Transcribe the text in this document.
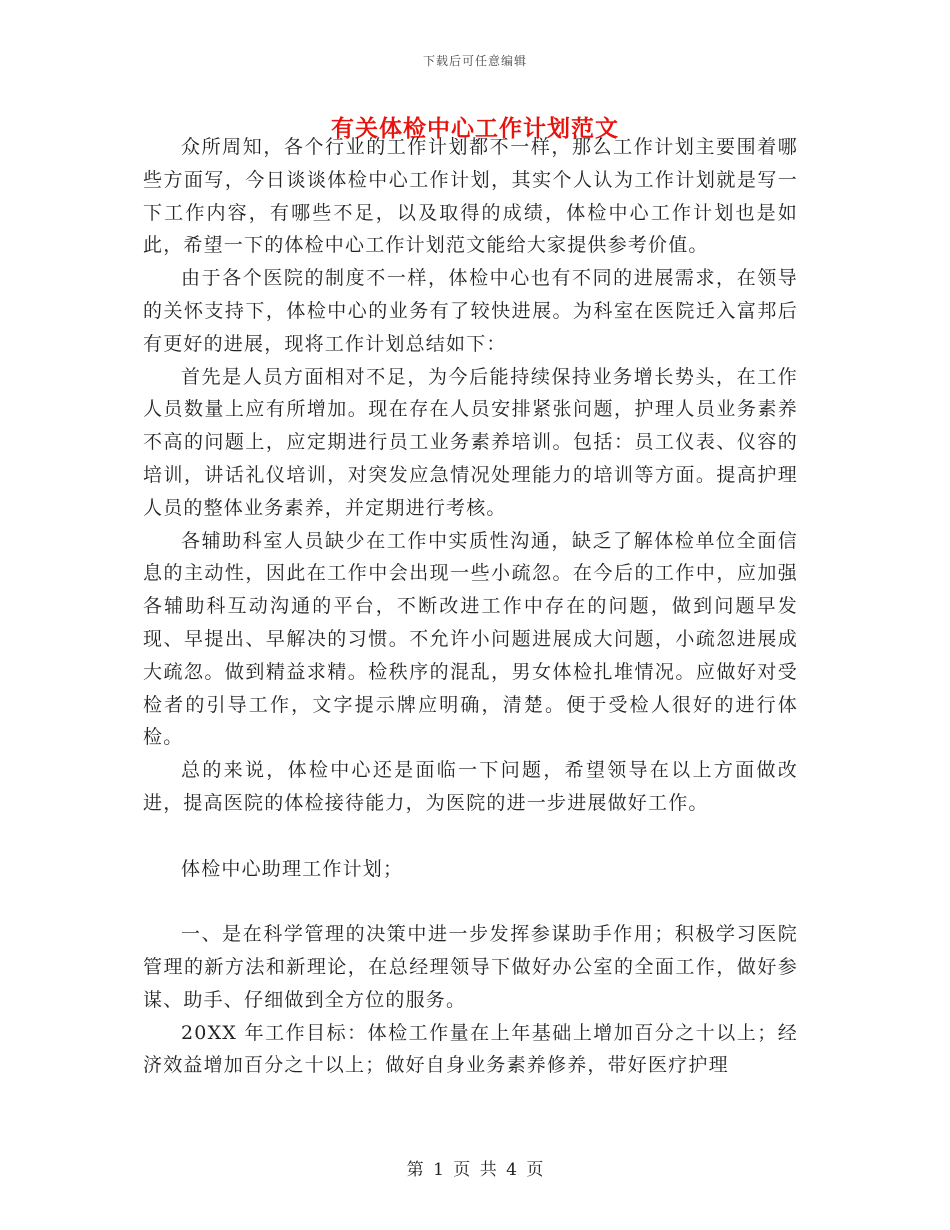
下载后可任意编辑
有关体检中心工作计划范文

众所周知，各个行业的工作计划都不一样，那么工作计划主要围着哪些方面写，今日谈谈体检中心工作计划，其实个人认为工作计划就是写一下工作内容，有哪些不足，以及取得的成绩，体检中心工作计划也是如此，希望一下的体检中心工作计划范文能给大家提供参考价值。

由于各个医院的制度不一样，体检中心也有不同的进展需求，在领导的关怀支持下，体检中心的业务有了较快进展。为科室在医院迁入富邦后有更好的进展，现将工作计划总结如下：

首先是人员方面相对不足，为今后能持续保持业务增长势头，在工作人员数量上应有所增加。现在存在人员安排紧张问题，护理人员业务素养不高的问题上，应定期进行员工业务素养培训。包括：员工仪表、仪容的培训，讲话礼仪培训，对突发应急情况处理能力的培训等方面。提高护理人员的整体业务素养，并定期进行考核。

各辅助科室人员缺少在工作中实质性沟通，缺乏了解体检单位全面信息的主动性，因此在工作中会出现一些小疏忽。在今后的工作中，应加强各辅助科互动沟通的平台，不断改进工作中存在的问题，做到问题早发现、早提出、早解决的习惯。不允许小问题进展成大问题，小疏忽进展成大疏忽。做到精益求精。检秩序的混乱，男女体检扎堆情况。应做好对受检者的引导工作，文字提示牌应明确，清楚。便于受检人很好的进行体检。

总的来说，体检中心还是面临一下问题，希望领导在以上方面做改进，提高医院的体检接待能力，为医院的进一步进展做好工作。

体检中心助理工作计划；

一、是在科学管理的决策中进一步发挥参谋助手作用；积极学习医院管理的新方法和新理论，在总经理领导下做好办公室的全面工作，做好参谋、助手、仔细做到全方位的服务。

20XX 年工作目标：体检工作量在上年基础上增加百分之十以上；经济效益增加百分之十以上；做好自身业务素养修养，带好医疗护理

第 1 页 共 4 页
